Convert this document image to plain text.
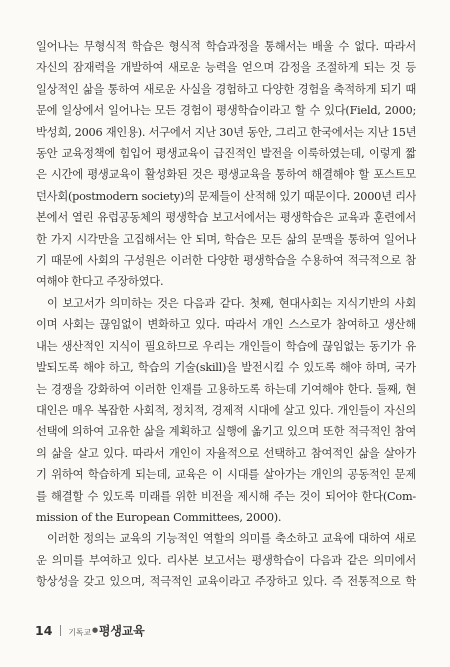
일어나는 무형식적 학습은 형식적 학습과정을 통해서는 배울 수 없다. 따라서
자신의 잠재력을 개발하여 새로운 능력을 얻으며 감정을 조절하게 되는 것 등
일상적인 삶을 통하여 새로운 사실을 경험하고 다양한 경험을 축적하게 되기 때
문에 일상에서 일어나는 모든 경험이 평생학습이라고 할 수 있다(Field, 2000;
박성희, 2006 재인용). 서구에서 지난 30년 동안, 그리고 한국에서는 지난 15년
동안 교육정책에 힘입어 평생교육이 급진적인 발전을 이룩하였는데, 이렇게 짧
은 시간에 평생교육이 활성화된 것은 평생교육을 통하여 해결해야 할 포스트모
던사회(postmodern society)의 문제들이 산적해 있기 때문이다. 2000년 리사
본에서 열린 유럽공동체의 평생학습 보고서에서는 평생학습은 교육과 훈련에서
한 가지 시각만을 고집해서는 안 되며, 학습은 모든 삶의 문맥을 통하여 일어나
기 때문에 사회의 구성원은 이러한 다양한 평생학습을 수용하여 적극적으로 참
여해야 한다고 주장하였다.
이 보고서가 의미하는 것은 다음과 같다. 첫째, 현대사회는 지식기반의 사회
이며 사회는 끊임없이 변화하고 있다. 따라서 개인 스스로가 참여하고 생산해
내는 생산적인 지식이 필요하므로 우리는 개인들이 학습에 끊임없는 동기가 유
발되도록 해야 하고, 학습의 기술(skill)을 발전시킬 수 있도록 해야 하며, 국가
는 경쟁을 강화하여 이러한 인재를 고용하도록 하는데 기여해야 한다. 둘째, 현
대인은 매우 복잡한 사회적, 정치적, 경제적 시대에 살고 있다. 개인들이 자신의
선택에 의하여 고유한 삶을 계획하고 실행에 옮기고 있으며 또한 적극적인 참여
의 삶을 살고 있다. 따라서 개인이 자율적으로 선택하고 참여적인 삶을 살아가
기 위하여 학습하게 되는데, 교육은 이 시대를 살아가는 개인의 공동적인 문제
를 해결할 수 있도록 미래를 위한 비전을 제시해 주는 것이 되어야 한다(Com-
mission of the European Committees, 2000).
이러한 정의는 교육의 기능적인 역할의 의미를 축소하고 교육에 대하여 새로
운 의미를 부여하고 있다. 리사본 보고서는 평생학습이 다음과 같은 의미에서
항상성을 갖고 있으며, 적극적인 교육이라고 주장하고 있다. 즉 전통적으로 학
14 기독교●평생교육
